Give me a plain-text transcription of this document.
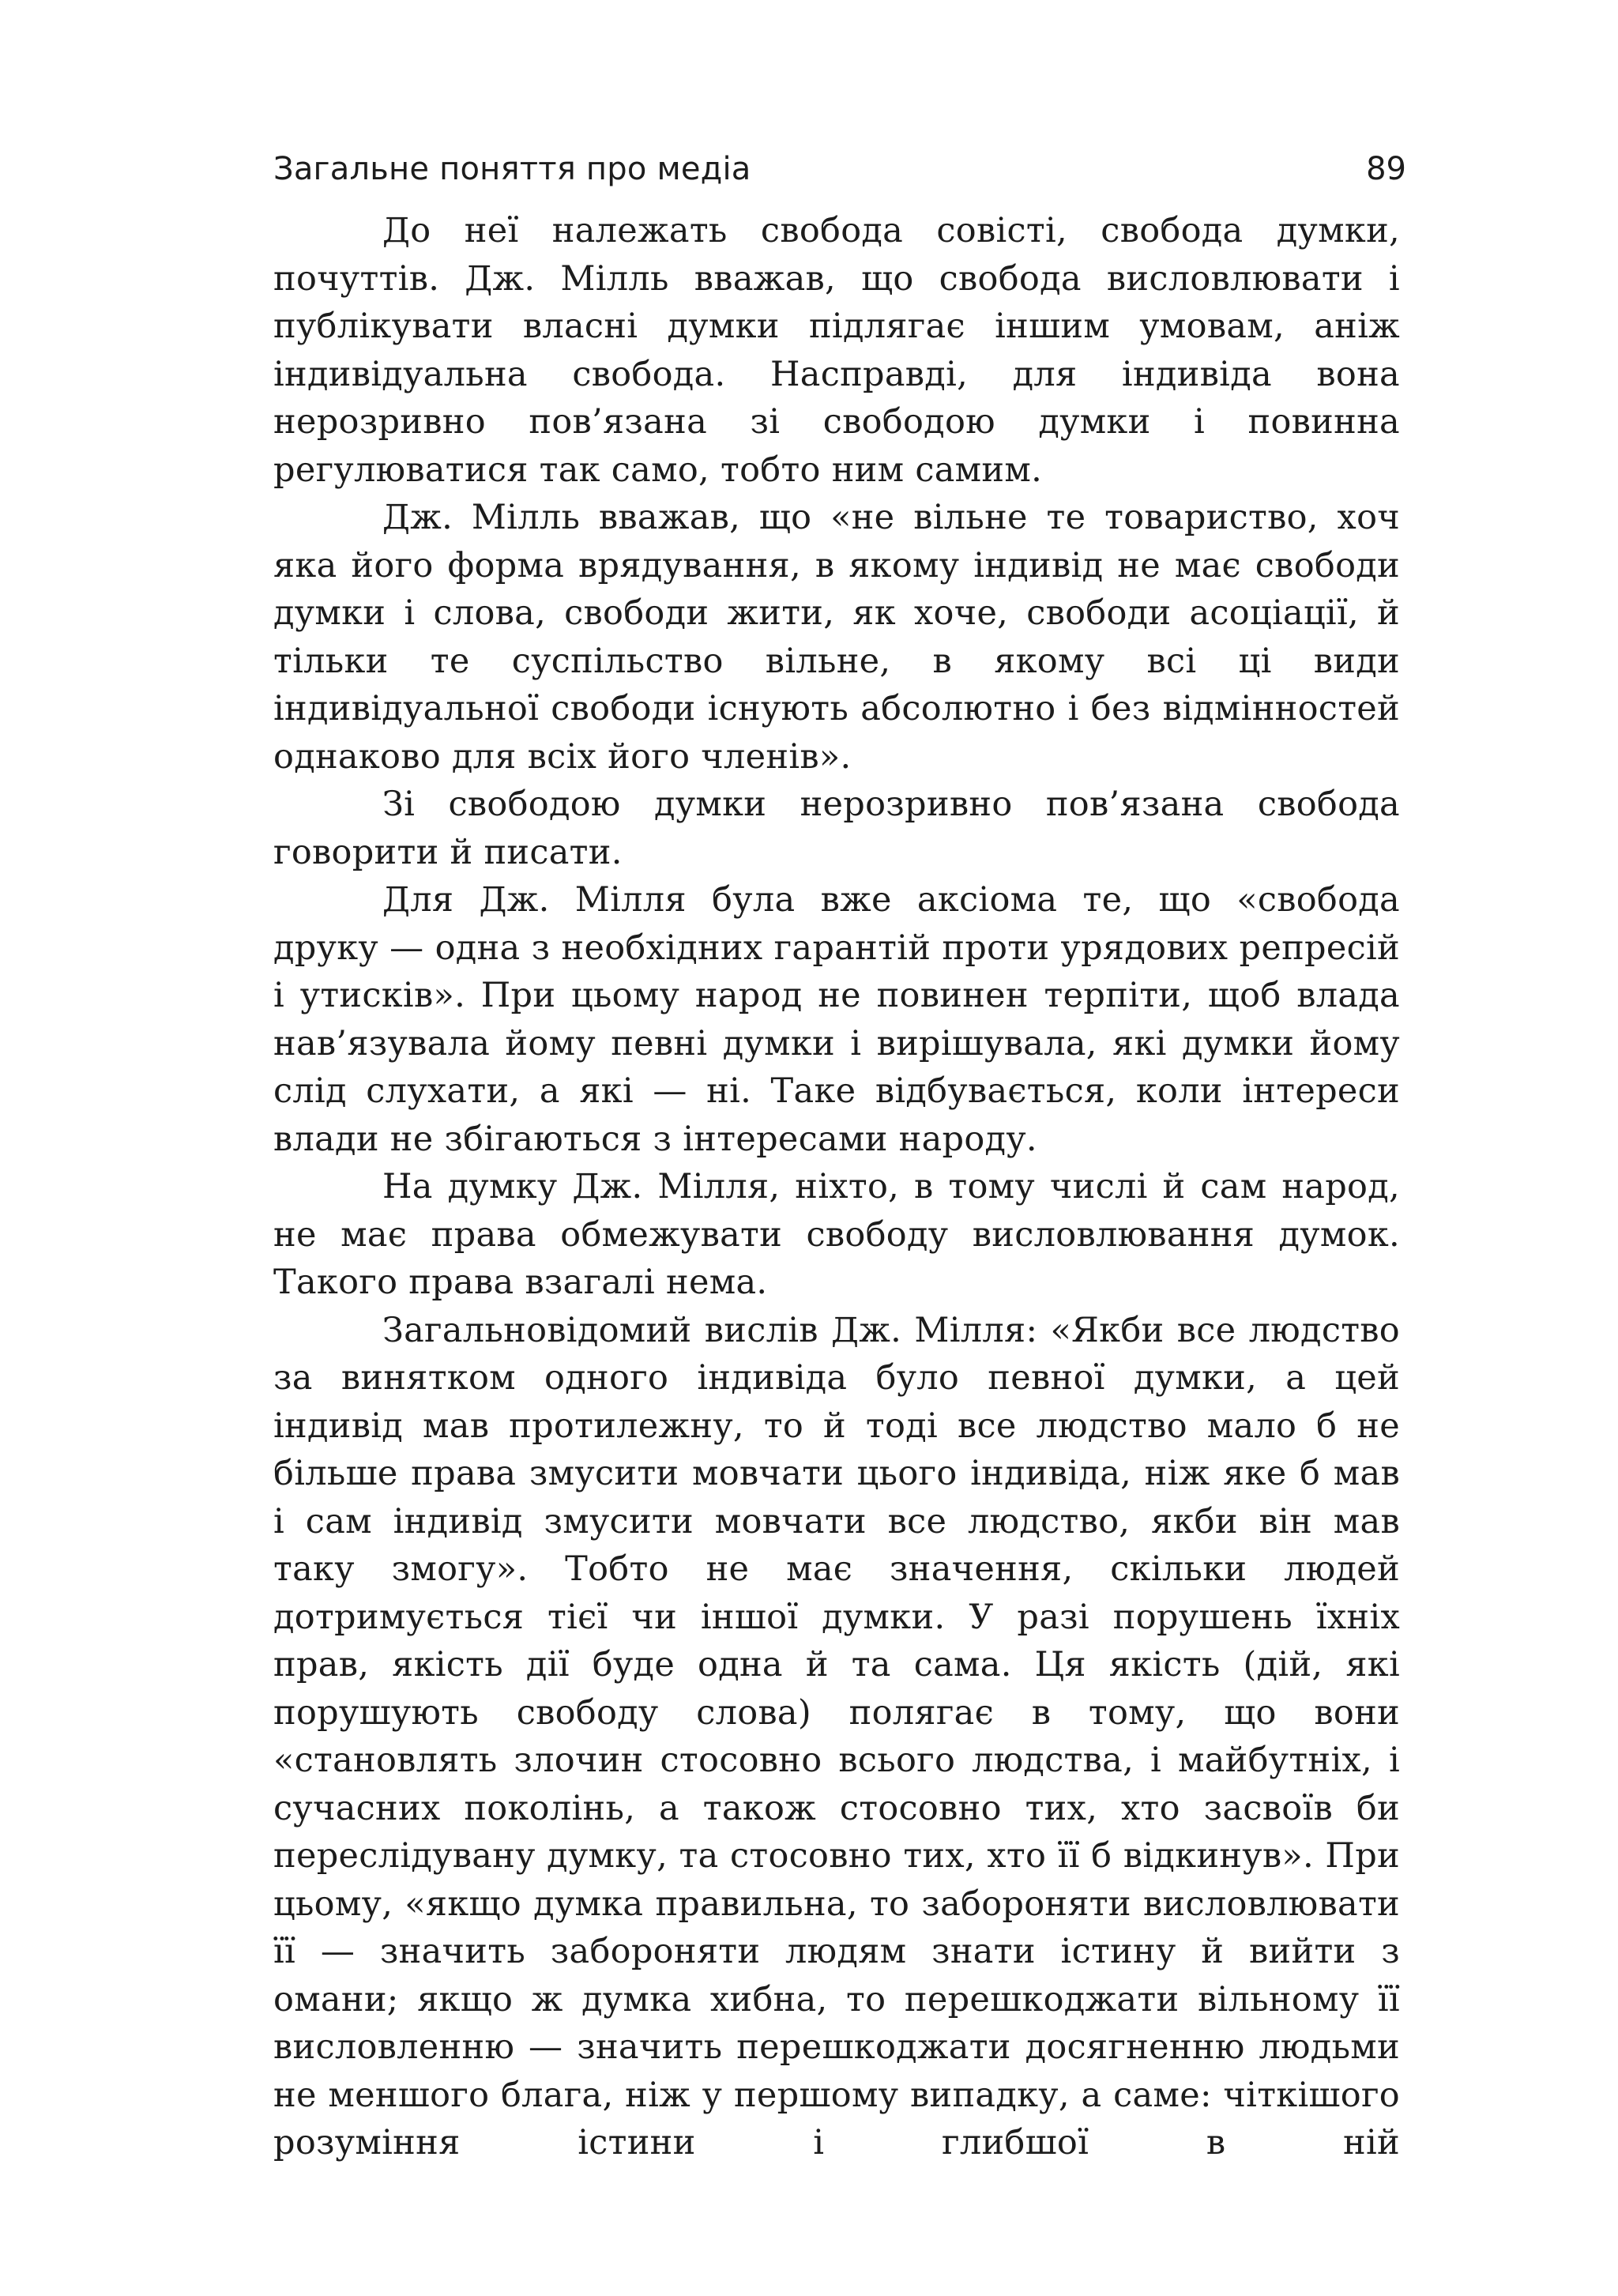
Загальне поняття про медіа	89

До неї належать свобода совісті, свобода думки, почуттів. Дж. Мілль вважав, що свобода висловлювати і публікувати власні думки підлягає іншим умовам, аніж індивідуальна свобода. Насправді, для індивіда вона нерозривно пов’язана зі свободою думки і повинна регулюватися так само, тобто ним самим.

Дж. Мілль вважав, що «не вільне те товариство, хоч яка його форма врядування, в якому індивід не має свободи думки і слова, свободи жити, як хоче, свободи асоціації, й тільки те суспільство вільне, в якому всі ці види індивідуальної свободи існують абсолютно і без відмінностей однаково для всіх його членів».

Зі свободою думки нерозривно пов’язана свобода говорити й писати.

Для Дж. Мілля була вже аксіома те, що «свобода друку — одна з необхідних гарантій проти урядових репресій і утисків». При цьому народ не повинен терпіти, щоб влада нав’язувала йому певні думки і вирішувала, які думки йому слід слухати, а які — ні. Таке відбувається, коли інтереси влади не збігаються з інтересами народу.

На думку Дж. Мілля, ніхто, в тому числі й сам народ, не має права обмежувати свободу висловлювання думок. Такого права взагалі нема.

Загальновідомий вислів Дж. Мілля: «Якби все людство за винятком одного індивіда було певної думки, а цей індивід мав протилежну, то й тоді все людство мало б не більше права змусити мовчати цього індивіда, ніж яке б мав і сам індивід змусити мовчати все людство, якби він мав таку змогу». Тобто не має значення, скільки людей дотримується тієї чи іншої думки. У разі порушень їхніх прав, якість дії буде одна й та сама. Ця якість (дій, які порушують свободу слова) полягає в тому, що вони «становлять злочин стосовно всього людства, і майбутніх, і сучасних поколінь, а також стосовно тих, хто засвоїв би переслідувану думку, та стосовно тих, хто її б відкинув». При цьому, «якщо думка правильна, то забороняти висловлювати її — значить забороняти людям знати істину й вийти з омани; якщо ж думка хибна, то перешкоджати вільному її висловленню — значить перешкоджати досягненню людьми не меншого блага, ніж у першому випадку, а саме: чіткішого розуміння істини і глибшої в ній
